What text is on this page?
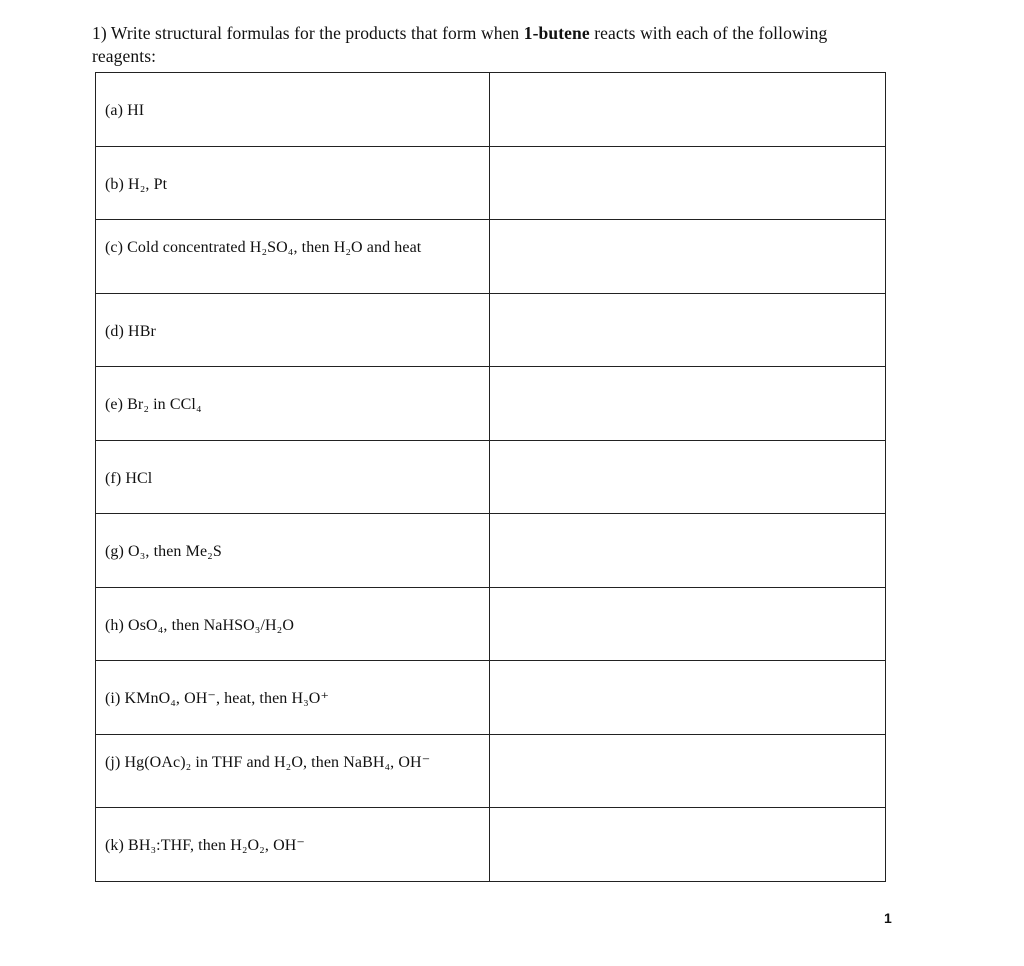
1) Write structural formulas for the products that form when 1-butene reacts with each of the following reagents:

(a) HI	

(b) H₂, Pt	

(c) Cold concentrated H₂SO₄, then H₂O and heat	

(d) HBr	

(e) Br₂ in CCl₄	

(f) HCl	

(g) O₃, then Me₂S	

(h) OsO₄, then NaHSO₃/H₂O	

(i) KMnO₄, OH⁻, heat, then H₃O⁺	

(j) Hg(OAc)₂ in THF and H₂O, then NaBH₄, OH⁻	

(k) BH₃:THF, then H₂O₂, OH⁻	

1
